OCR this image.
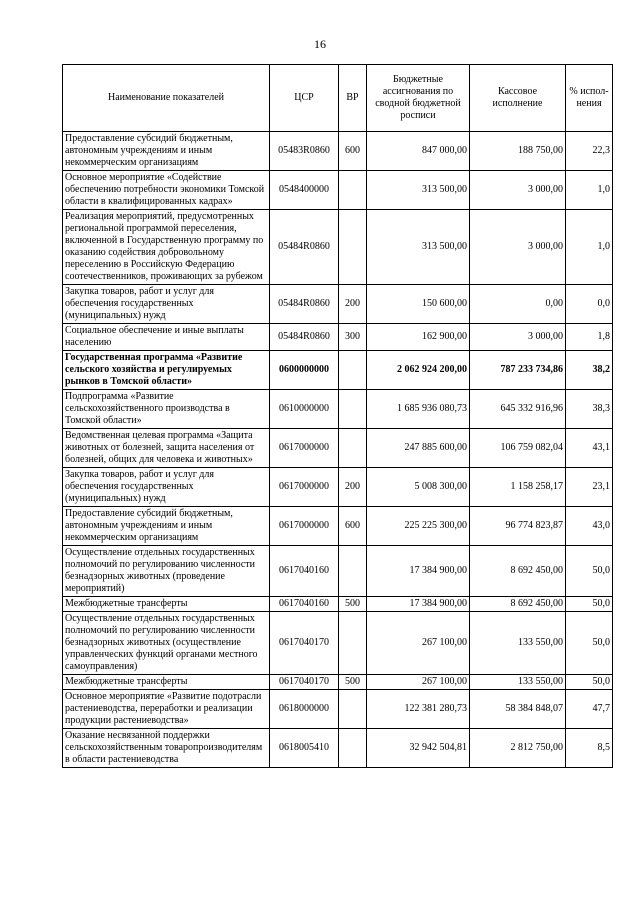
16
Наименование показателей	ЦСР	ВР	Бюджетные ассигнования по сводной бюджетной росписи	Кассовое исполнение	% испол-нения
Предоставление субсидий бюджетным, автономным учреждениям и иным некоммерческим организациям	05483R0860	600	847 000,00	188 750,00	22,3
Основное мероприятие «Содействие обеспечению потребности экономики Томской области в квалифицированных кадрах»	0548400000		313 500,00	3 000,00	1,0
Реализация мероприятий, предусмотренных региональной программой переселения, включенной в Государственную программу по оказанию содействия добровольному переселению в Российскую Федерацию соотечественников, проживающих за рубежом	05484R0860		313 500,00	3 000,00	1,0
Закупка товаров, работ и услуг для обеспечения государственных (муниципальных) нужд	05484R0860	200	150 600,00	0,00	0,0
Социальное обеспечение и иные выплаты населению	05484R0860	300	162 900,00	3 000,00	1,8
Государственная программа «Развитие сельского хозяйства и регулируемых рынков в Томской области»	0600000000		2 062 924 200,00	787 233 734,86	38,2
Подпрограмма «Развитие сельскохозяйственного производства в Томской области»	0610000000		1 685 936 080,73	645 332 916,96	38,3
Ведомственная целевая программа «Защита животных от болезней, защита населения от болезней, общих для человека и животных»	0617000000		247 885 600,00	106 759 082,04	43,1
Закупка товаров, работ и услуг для обеспечения государственных (муниципальных) нужд	0617000000	200	5 008 300,00	1 158 258,17	23,1
Предоставление субсидий бюджетным, автономным учреждениям и иным некоммерческим организациям	0617000000	600	225 225 300,00	96 774 823,87	43,0
Осуществление отдельных государственных полномочий по регулированию численности безнадзорных животных (проведение мероприятий)	0617040160		17 384 900,00	8 692 450,00	50,0
Межбюджетные трансферты	0617040160	500	17 384 900,00	8 692 450,00	50,0
Осуществление отдельных государственных полномочий по регулированию численности безнадзорных животных (осуществление управленческих функций органами местного самоуправления)	0617040170		267 100,00	133 550,00	50,0
Межбюджетные трансферты	0617040170	500	267 100,00	133 550,00	50,0
Основное мероприятие «Развитие подотрасли растениеводства, переработки и реализации продукции растениеводства»	0618000000		122 381 280,73	58 384 848,07	47,7
Оказание несвязанной поддержки сельскохозяйственным товаропроизводителям в области растениеводства	0618005410		32 942 504,81	2 812 750,00	8,5
